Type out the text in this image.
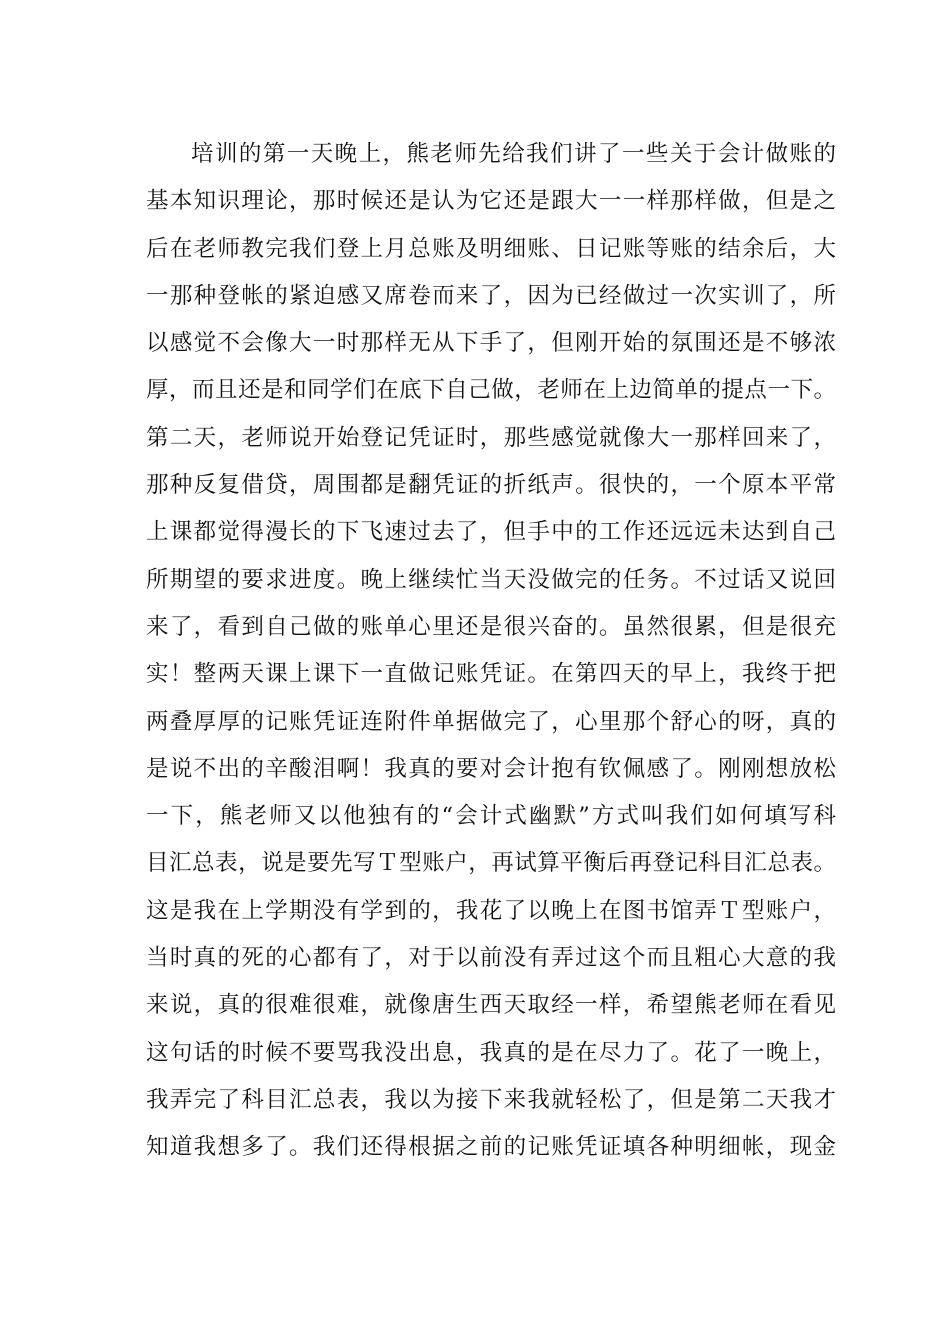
培训的第一天晚上，熊老师先给我们讲了一些关于会计做账的
基本知识理论，那时候还是认为它还是跟大一一样那样做，但是之
后在老师教完我们登上月总账及明细账、日记账等账的结余后，大
一那种登帐的紧迫感又席卷而来了，因为已经做过一次实训了，所
以感觉不会像大一时那样无从下手了，但刚开始的氛围还是不够浓
厚，而且还是和同学们在底下自己做，老师在上边简单的提点一下。
第二天，老师说开始登记凭证时，那些感觉就像大一那样回来了，
那种反复借贷，周围都是翻凭证的折纸声。很快的，一个原本平常
上课都觉得漫长的下飞速过去了，但手中的工作还远远未达到自己
所期望的要求进度。晚上继续忙当天没做完的任务。不过话又说回
来了，看到自己做的账单心里还是很兴奋的。虽然很累，但是很充
实！整两天课上课下一直做记账凭证。在第四天的早上，我终于把
两叠厚厚的记账凭证连附件单据做完了，心里那个舒心的呀，真的
是说不出的辛酸泪啊！我真的要对会计抱有钦佩感了。刚刚想放松
一下，熊老师又以他独有的“会计式幽默”方式叫我们如何填写科
目汇总表，说是要先写Ｔ型账户，再试算平衡后再登记科目汇总表。
这是我在上学期没有学到的，我花了以晚上在图书馆弄Ｔ型账户，
当时真的死的心都有了，对于以前没有弄过这个而且粗心大意的我
来说，真的很难很难，就像唐生西天取经一样，希望熊老师在看见
这句话的时候不要骂我没出息，我真的是在尽力了。花了一晚上，
我弄完了科目汇总表，我以为接下来我就轻松了，但是第二天我才
知道我想多了。我们还得根据之前的记账凭证填各种明细帐，现金
